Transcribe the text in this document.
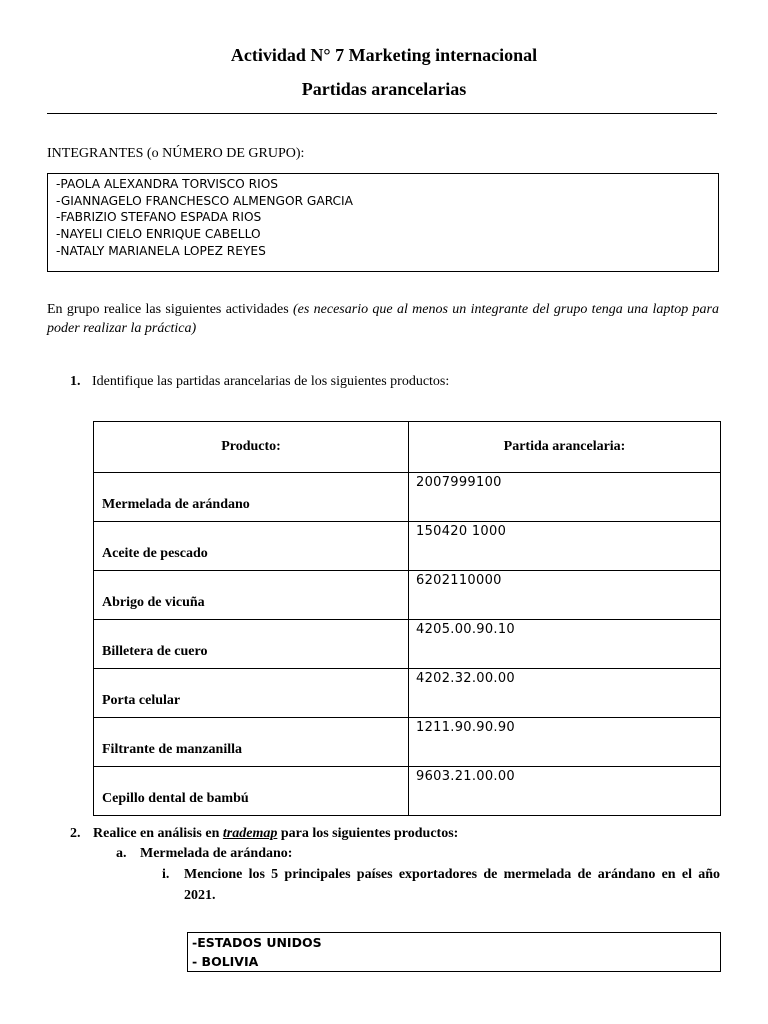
Actividad N° 7 Marketing internacional
Partidas arancelarias
INTEGRANTES (o NÚMERO DE GRUPO):
-PAOLA ALEXANDRA TORVISCO RIOS
-GIANNAGELO FRANCHESCO ALMENGOR GARCIA
-FABRIZIO STEFANO ESPADA RIOS
-NAYELI CIELO ENRIQUE CABELLO
-NATALY MARIANELA LOPEZ REYES
En grupo realice las siguientes actividades (es necesario que al menos un integrante del grupo tenga una laptop para poder realizar la práctica)
1. Identifique las partidas arancelarias de los siguientes productos:
Producto:	Partida arancelaria:

Mermelada de arándano	2007999100

Aceite de pescado	150420 1000

Abrigo de vicuña	6202110000

Billetera de cuero	4205.00.90.10

Porta celular	4202.32.00.00

Filtrante de manzanilla	1211.90.90.90

Cepillo dental de bambú	9603.21.00.00
2. Realice en análisis en trademap para los siguientes productos:
a. Mermelada de arándano:
i.	Mencione los 5 principales países exportadores de mermelada de arándano en el año 2021.
-ESTADOS UNIDOS
- BOLIVIA
